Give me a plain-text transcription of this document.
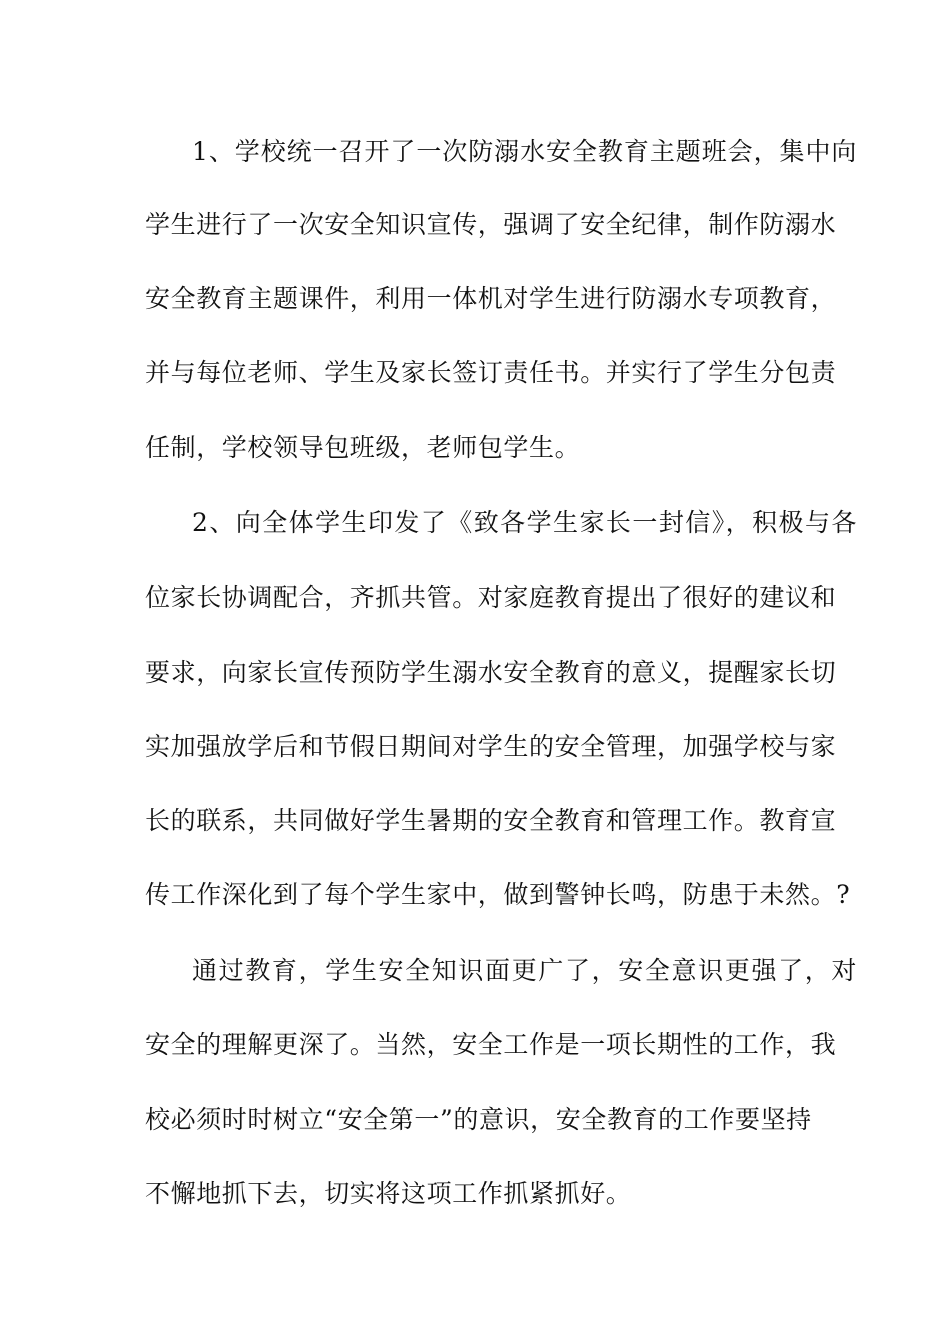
1、学校统一召开了一次防溺水安全教育主题班会，集中向
学生进行了一次安全知识宣传，强调了安全纪律，制作防溺水
安全教育主题课件，利用一体机对学生进行防溺水专项教育，
并与每位老师、学生及家长签订责任书。并实行了学生分包责
任制，学校领导包班级，老师包学生。
2、向全体学生印发了《致各学生家长一封信》，积极与各
位家长协调配合，齐抓共管。对家庭教育提出了很好的建议和
要求，向家长宣传预防学生溺水安全教育的意义，提醒家长切
实加强放学后和节假日期间对学生的安全管理，加强学校与家
长的联系，共同做好学生暑期的安全教育和管理工作。教育宣
传工作深化到了每个学生家中，做到警钟长鸣，防患于未然。?
通过教育，学生安全知识面更广了，安全意识更强了，对
安全的理解更深了。当然，安全工作是一项长期性的工作，我
校必须时时树立“安全第一”的意识，安全教育的工作要坚持
不懈地抓下去，切实将这项工作抓紧抓好。
